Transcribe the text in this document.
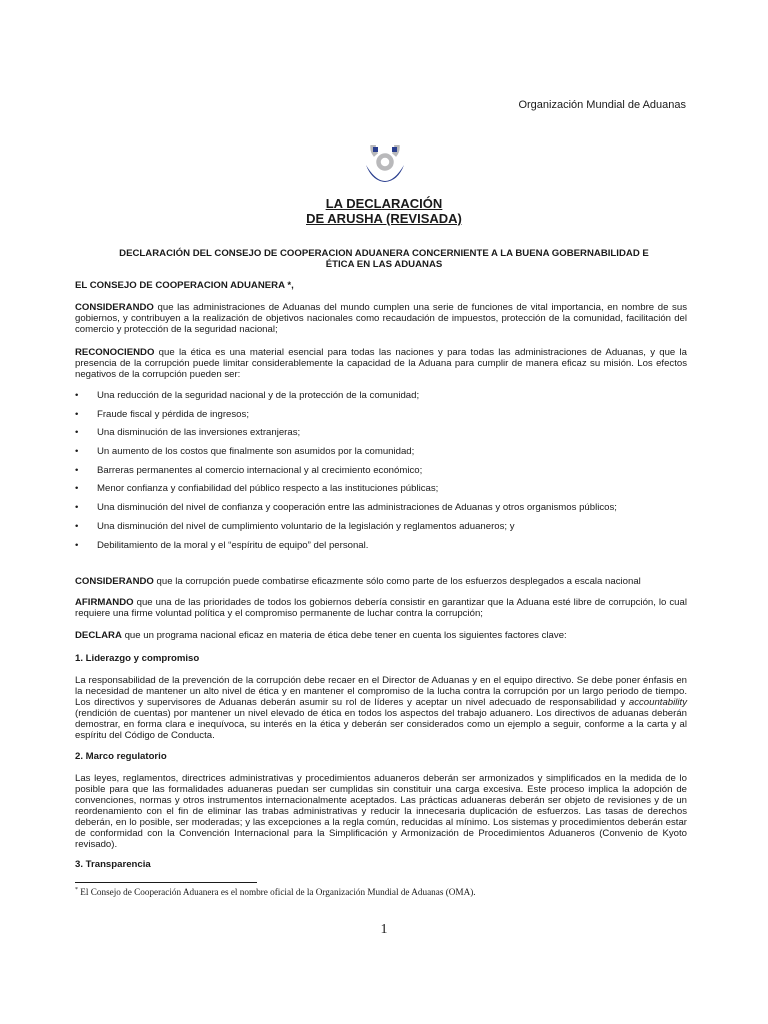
Organización Mundial de Aduanas
LA DECLARACIÓN
DE ARUSHA (REVISADA)
DECLARACIÓN DEL CONSEJO DE COOPERACION ADUANERA CONCERNIENTE A LA BUENA GOBERNABILIDAD E
ÉTICA EN LAS ADUANAS
EL CONSEJO DE COOPERACION ADUANERA *,
CONSIDERANDO que las administraciones de Aduanas del mundo cumplen una serie de funciones de vital importancia, en nombre de sus gobiernos, y contribuyen a la realización de objetivos nacionales como recaudación de impuestos, protección de la comunidad, facilitación del comercio y protección de la seguridad nacional;
RECONOCIENDO que la ética es una material esencial para todas las naciones y para todas las administraciones de Aduanas, y que la presencia de la corrupción puede limitar considerablemente la capacidad de la Aduana para cumplir de manera eficaz su misión. Los efectos negativos de la corrupción pueden ser:
• Una reducción de la seguridad nacional y de la protección de la comunidad;
• Fraude fiscal y pérdida de ingresos;
• Una disminución de las inversiones extranjeras;
• Un aumento de los costos que finalmente son asumidos por la comunidad;
• Barreras permanentes al comercio internacional y al crecimiento económico;
• Menor confianza y confiabilidad del público respecto a las instituciones públicas;
• Una disminución del nivel de confianza y cooperación entre las administraciones de Aduanas y otros organismos públicos;
• Una disminución del nivel de cumplimiento voluntario de la legislación y reglamentos aduaneros; y
• Debilitamiento de la moral y el “espíritu de equipo” del personal.
CONSIDERANDO que la corrupción puede combatirse eficazmente sólo como parte de los esfuerzos desplegados a escala nacional
AFIRMANDO que una de las prioridades de todos los gobiernos debería consistir en garantizar que la Aduana esté libre de corrupción, lo cual requiere una firme voluntad política y el compromiso permanente de luchar contra la corrupción;
DECLARA que un programa nacional eficaz en materia de ética debe tener en cuenta los siguientes factores clave:
1. Liderazgo y compromiso
La responsabilidad de la prevención de la corrupción debe recaer en el Director de Aduanas y en el equipo directivo. Se debe poner énfasis en la necesidad de mantener un alto nivel de ética y en mantener el compromiso de la lucha contra la corrupción por un largo periodo de tiempo. Los directivos y supervisores de Aduanas deberán asumir su rol de líderes y aceptar un nivel adecuado de responsabilidad y accountability (rendición de cuentas) por mantener un nivel elevado de ética en todos los aspectos del trabajo aduanero. Los directivos de aduanas deberán demostrar, en forma clara e inequívoca, su interés en la ética y deberán ser considerados como un ejemplo a seguir, conforme a la carta y al espíritu del Código de Conducta.
2. Marco regulatorio
Las leyes, reglamentos, directrices administrativas y procedimientos aduaneros deberán ser armonizados y simplificados en la medida de lo posible para que las formalidades aduaneras puedan ser cumplidas sin constituir una carga excesiva. Este proceso implica la adopción de convenciones, normas y otros instrumentos internacionalmente aceptados. Las prácticas aduaneras deberán ser objeto de revisiones y de un reordenamiento con el fin de eliminar las trabas administrativas y reducir la innecesaria duplicación de esfuerzos. Las tasas de derechos deberán, en lo posible, ser moderadas; y las excepciones a la regla común, reducidas al mínimo. Los sistemas y procedimientos deberán estar de conformidad con la Convención Internacional para la Simplificación y Armonización de Procedimientos Aduaneros (Convenio de Kyoto revisado).
3. Transparencia
* El Consejo de Cooperación Aduanera es el nombre oficial de la Organización Mundial de Aduanas (OMA).
1
